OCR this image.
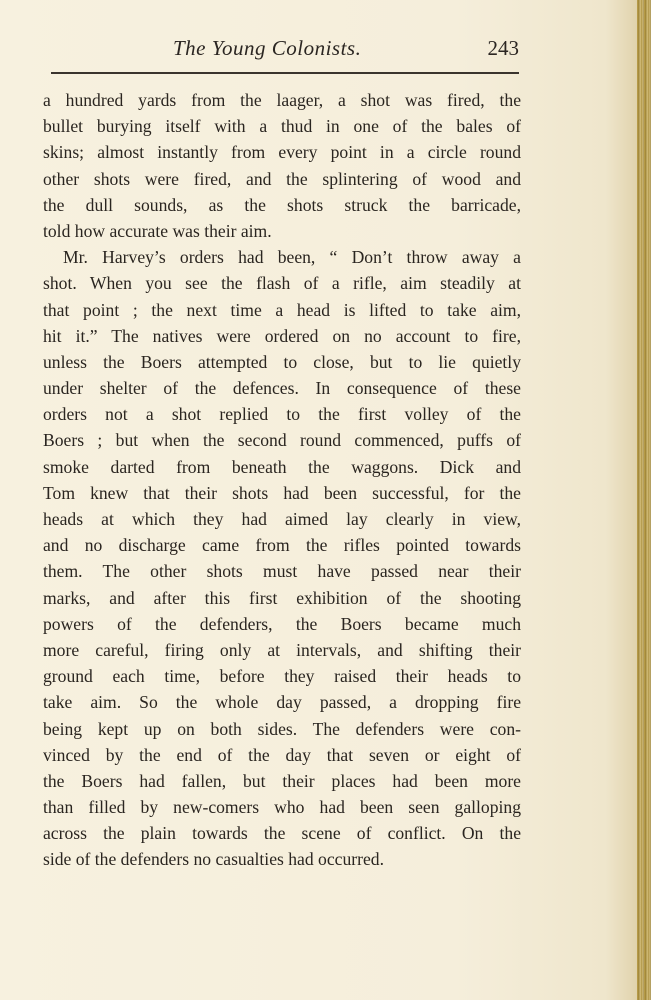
The Young Colonists.	243
a hundred yards from the laager, a shot was fired, the
bullet burying itself with a thud in one of the bales of
skins; almost instantly from every point in a circle round
other shots were fired, and the splintering of wood and
the dull sounds, as the shots struck the barricade,
told how accurate was their aim.
Mr. Harvey’s orders had been, “ Don’t throw away a
shot. When you see the flash of a rifle, aim steadily at
that point ; the next time a head is lifted to take aim,
hit it.” The natives were ordered on no account to fire,
unless the Boers attempted to close, but to lie quietly
under shelter of the defences. In consequence of these
orders not a shot replied to the first volley of the
Boers ; but when the second round commenced, puffs of
smoke darted from beneath the waggons. Dick and
Tom knew that their shots had been successful, for the
heads at which they had aimed lay clearly in view,
and no discharge came from the rifles pointed towards
them. The other shots must have passed near their
marks, and after this first exhibition of the shooting
powers of the defenders, the Boers became much
more careful, firing only at intervals, and shifting their
ground each time, before they raised their heads to
take aim. So the whole day passed, a dropping fire
being kept up on both sides. The defenders were con-
vinced by the end of the day that seven or eight of
the Boers had fallen, but their places had been more
than filled by new-comers who had been seen galloping
across the plain towards the scene of conflict. On the
side of the defenders no casualties had occurred.
